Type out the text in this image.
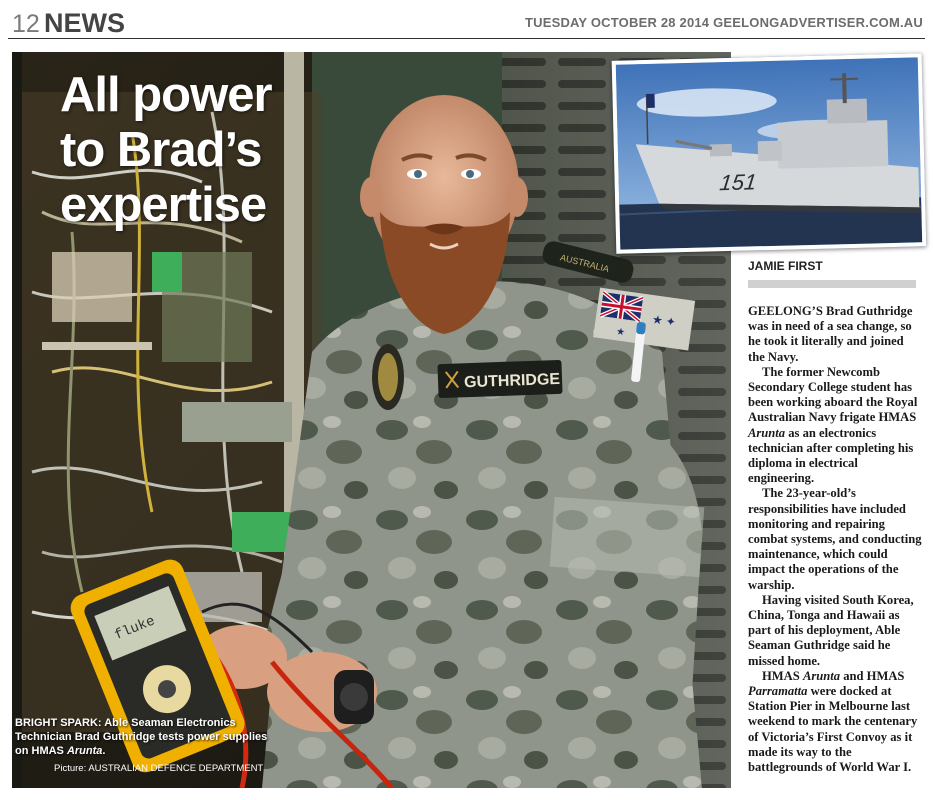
12 NEWS	TUESDAY OCTOBER 28 2014 GEELONGADVERTISER.COM.AU
AUSTRALIA
★ ✦
★
GUTHRIDGE
fluke
All power
to Brad’s
expertise
BRIGHT SPARK: Able Seaman Electronics Technician Brad Guthridge tests power supplies on HMAS Arunta.
Picture: AUSTRALIAN DEFENCE DEPARTMENT
151
JAMIE FIRST

GEELONG’S Brad Guthridge was in need of a sea change, so he took it literally and joined the Navy.

The former Newcomb Secondary College student has been working aboard the Royal Australian Navy frigate HMAS Arunta as an electronics technician after completing his diploma in electrical engineering.

The 23-year-old’s responsibilities have included monitoring and repairing combat systems, and conducting maintenance, which could impact the operations of the warship.

Having visited South Korea, China, Tonga and Hawaii as part of his deployment, Able Seaman Guthridge said he missed home.

HMAS Arunta and HMAS Parramatta were docked at Station Pier in Melbourne last weekend to mark the centenary of Victoria’s First Convoy as it made its way to the battlegrounds of World War I.
